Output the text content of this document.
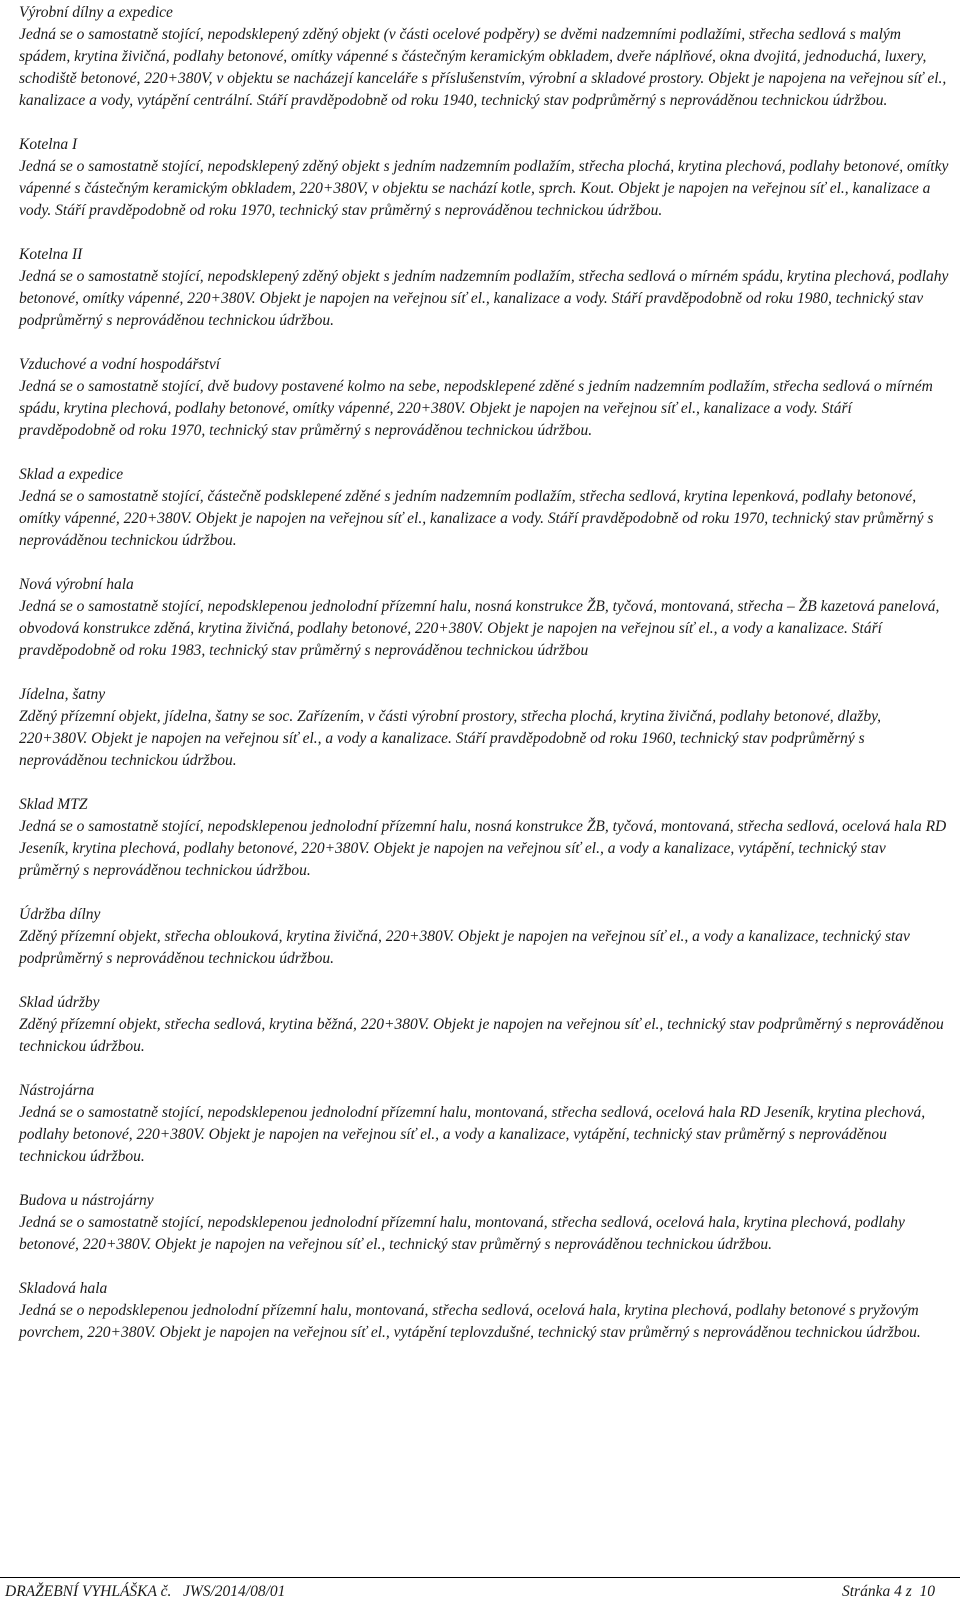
Výrobní dílny a expedice

Jedná se o samostatně stojící, nepodsklepený zděný objekt (v části ocelové podpěry) se dvěmi nadzemními podlažími, střecha sedlová s malým spádem, krytina živičná, podlahy betonové, omítky vápenné s částečným keramickým obkladem, dveře náplňové, okna dvojitá, jednoduchá, luxery, schodiště betonové, 220+380V, v objektu se nacházejí kanceláře s příslušenstvím, výrobní a skladové prostory. Objekt je napojena na veřejnou síť el., kanalizace a vody, vytápění centrální. Stáří pravděpodobně od roku 1940, technický stav podprůměrný s neprováděnou technickou údržbou.

Kotelna I

Jedná se o samostatně stojící, nepodsklepený zděný objekt s jedním nadzemním podlažím, střecha plochá, krytina plechová, podlahy betonové, omítky vápenné s částečným keramickým obkladem, 220+380V, v objektu se nachází kotle, sprch. Kout. Objekt je napojen na veřejnou síť el., kanalizace a vody. Stáří pravděpodobně od roku 1970, technický stav průměrný s neprováděnou technickou údržbou.

Kotelna II

Jedná se o samostatně stojící, nepodsklepený zděný objekt s jedním nadzemním podlažím, střecha sedlová o mírném spádu, krytina plechová, podlahy betonové, omítky vápenné, 220+380V. Objekt je napojen na veřejnou síť el., kanalizace a vody. Stáří pravděpodobně od roku 1980, technický stav podprůměrný s neprováděnou technickou údržbou.

Vzduchové a vodní hospodářství

Jedná se o samostatně stojící, dvě budovy postavené kolmo na sebe, nepodsklepené zděné s jedním nadzemním podlažím, střecha sedlová o mírném spádu, krytina plechová, podlahy betonové, omítky vápenné, 220+380V. Objekt je napojen na veřejnou síť el., kanalizace a vody. Stáří pravděpodobně od roku 1970, technický stav průměrný s neprováděnou technickou údržbou.

Sklad a expedice

Jedná se o samostatně stojící, částečně podsklepené zděné s jedním nadzemním podlažím, střecha sedlová, krytina lepenková, podlahy betonové, omítky vápenné, 220+380V. Objekt je napojen na veřejnou síť el., kanalizace a vody. Stáří pravděpodobně od roku 1970, technický stav průměrný s neprováděnou technickou údržbou.

Nová výrobní hala

Jedná se o samostatně stojící, nepodsklepenou jednolodní přízemní halu, nosná konstrukce ŽB, tyčová, montovaná, střecha – ŽB kazetová panelová, obvodová konstrukce zděná, krytina živičná, podlahy betonové, 220+380V. Objekt je napojen na veřejnou síť el., a vody a kanalizace. Stáří pravděpodobně od roku 1983, technický stav průměrný s neprováděnou technickou údržbou

Jídelna, šatny

Zděný přízemní objekt, jídelna, šatny se soc. Zařízením, v části výrobní prostory, střecha plochá, krytina živičná, podlahy betonové, dlažby, 220+380V. Objekt je napojen na veřejnou síť el., a vody a kanalizace. Stáří pravděpodobně od roku 1960, technický stav podprůměrný s neprováděnou technickou údržbou.

Sklad MTZ

Jedná se o samostatně stojící, nepodsklepenou jednolodní přízemní halu, nosná konstrukce ŽB, tyčová, montovaná, střecha sedlová, ocelová hala RD Jeseník, krytina plechová, podlahy betonové, 220+380V. Objekt je napojen na veřejnou síť el., a vody a kanalizace, vytápění, technický stav průměrný s neprováděnou technickou údržbou.

Údržba dílny

Zděný přízemní objekt, střecha oblouková, krytina živičná, 220+380V. Objekt je napojen na veřejnou síť el., a vody a kanalizace, technický stav podprůměrný s neprováděnou technickou údržbou.

Sklad údržby

Zděný přízemní objekt, střecha sedlová, krytina běžná, 220+380V. Objekt je napojen na veřejnou síť el., technický stav podprůměrný s neprováděnou technickou údržbou.

Nástrojárna

Jedná se o samostatně stojící, nepodsklepenou jednolodní přízemní halu, montovaná, střecha sedlová, ocelová hala RD Jeseník, krytina plechová, podlahy betonové, 220+380V. Objekt je napojen na veřejnou síť el., a vody a kanalizace, vytápění, technický stav průměrný s neprováděnou technickou údržbou.

Budova u nástrojárny

Jedná se o samostatně stojící, nepodsklepenou jednolodní přízemní halu, montovaná, střecha sedlová, ocelová hala, krytina plechová, podlahy betonové, 220+380V. Objekt je napojen na veřejnou síť el., technický stav průměrný s neprováděnou technickou údržbou.

Skladová hala

Jedná se o nepodsklepenou jednolodní přízemní halu, montovaná, střecha sedlová, ocelová hala, krytina plechová, podlahy betonové s pryžovým povrchem, 220+380V. Objekt je napojen na veřejnou síť el., vytápění teplovzdušné, technický stav průměrný s neprováděnou technickou údržbou.

DRAŽEBNÍ VYHLÁŠKA č.   JWS/2014/08/01	Stránka 4 z  10
